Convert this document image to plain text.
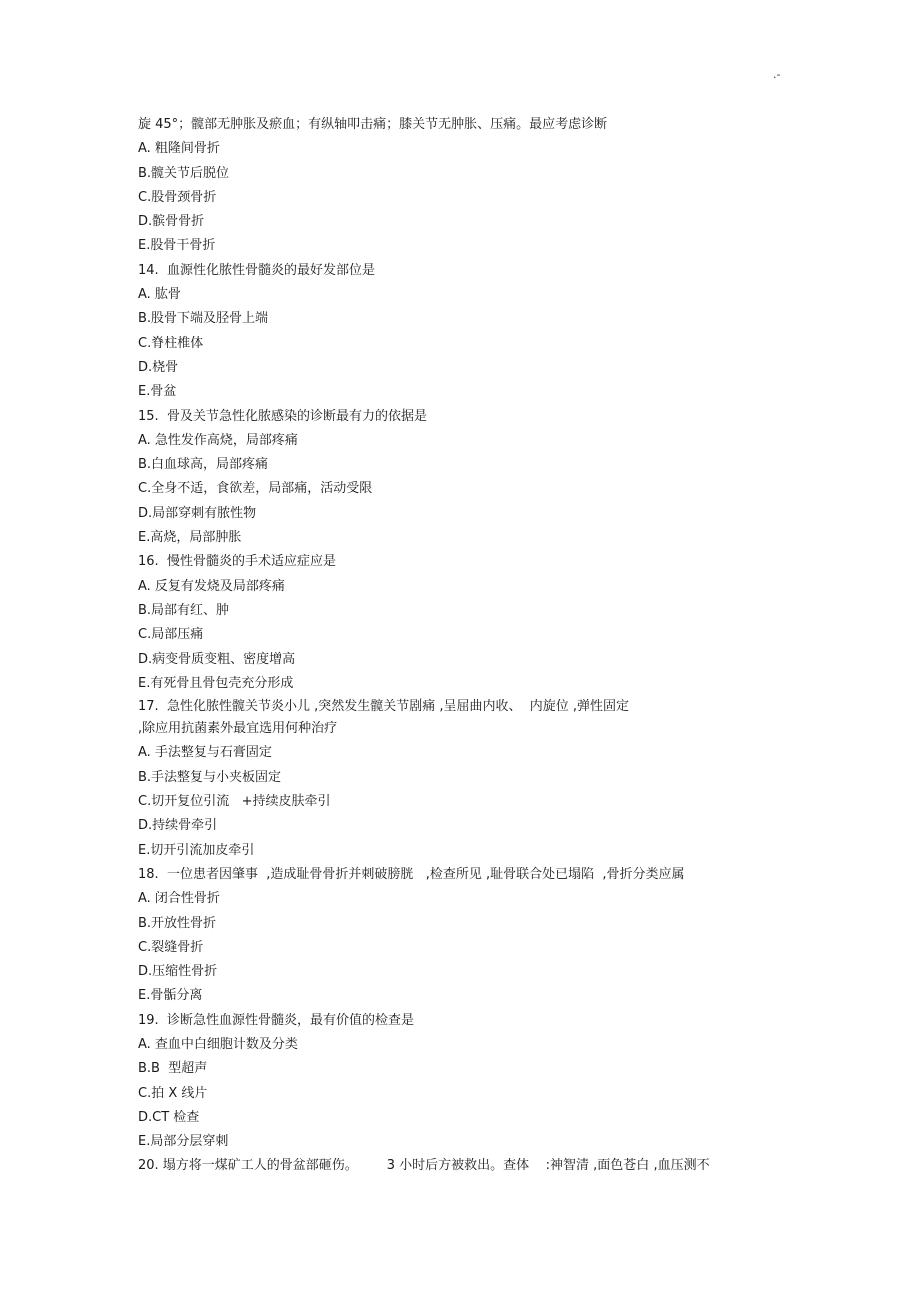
.-
旋 45°；髋部无肿胀及瘀血；有纵轴叩击痛；膝关节无肿胀、压痛。最应考虑诊断
A. 粗隆间骨折
B.髋关节后脱位
C.股骨颈骨折
D.髌骨骨折
E.股骨干骨折
14.  血源性化脓性骨髓炎的最好发部位是
A. 肱骨
B.股骨下端及胫骨上端
C.脊柱椎体
D.桡骨
E.骨盆
15.  骨及关节急性化脓感染的诊断最有力的依据是
A. 急性发作高烧，局部疼痛
B.白血球高，局部疼痛
C.全身不适，食欲差，局部痛，活动受限
D.局部穿刺有脓性物
E.高烧，局部肿胀
16.  慢性骨髓炎的手术适应症应是
A. 反复有发烧及局部疼痛
B.局部有红、肿
C.局部压痛
D.病变骨质变粗、密度增高
E.有死骨且骨包壳充分形成
17.  急性化脓性髋关节炎小儿 ,突然发生髋关节剧痛 ,呈屈曲内收、  内旋位 ,弹性固定
,除应用抗菌素外最宜选用何种治疗
A. 手法整复与石膏固定
B.手法整复与小夹板固定
C.切开复位引流   +持续皮肤牵引
D.持续骨牵引
E.切开引流加皮牵引
18.  一位患者因肇事  ,造成耻骨骨折并刺破膀胱   ,检查所见 ,耻骨联合处已塌陷  ,骨折分类应属
A. 闭合性骨折
B.开放性骨折
C.裂缝骨折
D.压缩性骨折
E.骨骺分离
19.  诊断急性血源性骨髓炎，最有价值的检查是
A. 查血中白细胞计数及分类
B.B  型超声
C.拍 X 线片
D.CT 检查
E.局部分层穿刺
20. 塌方将一煤矿工人的骨盆部砸伤。       3 小时后方被救出。查体    :神智清 ,面色苍白 ,血压测不
